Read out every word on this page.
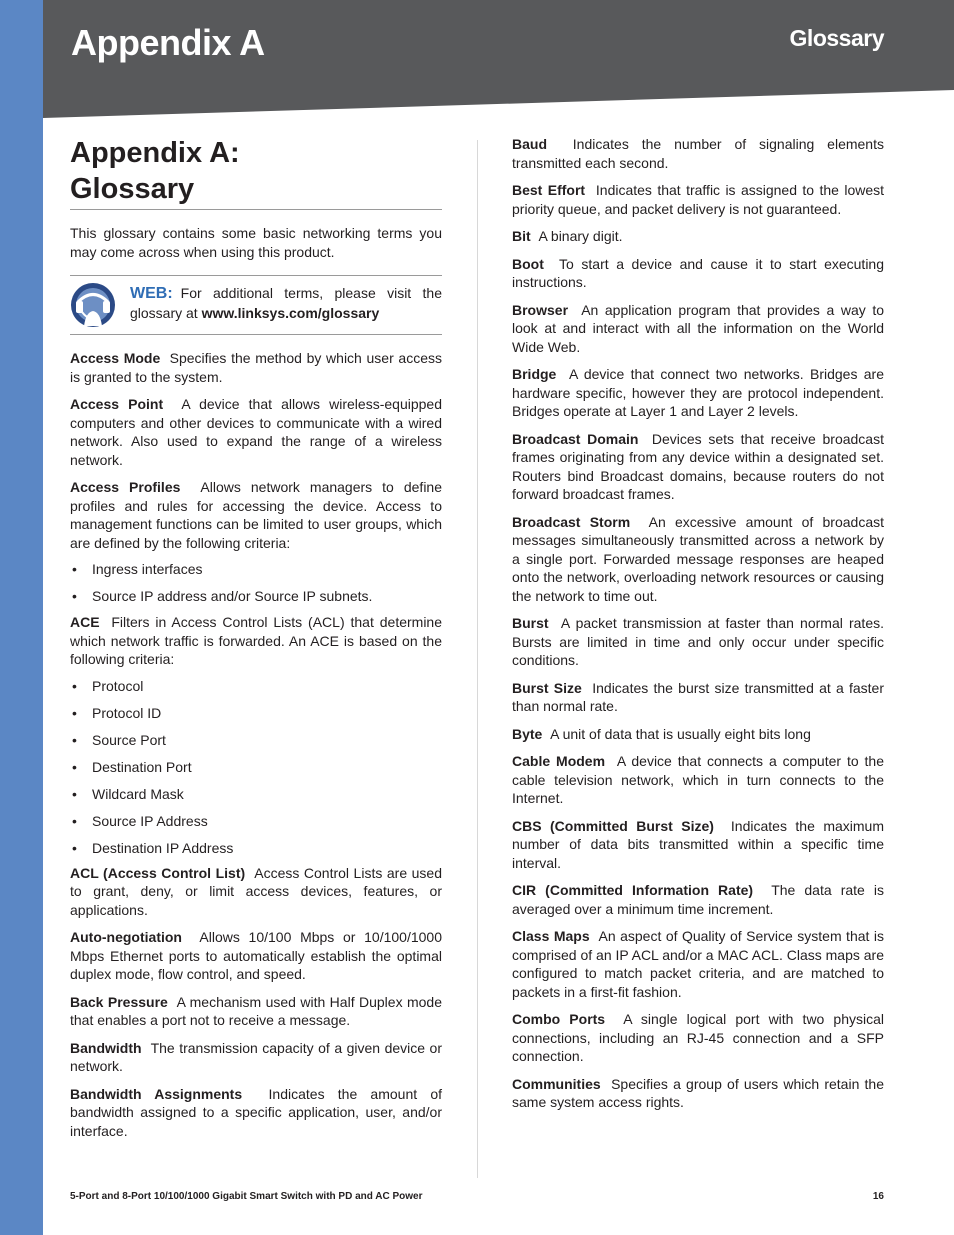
Appendix A	Glossary
Appendix A:
Glossary

This glossary contains some basic networking terms you may come across when using this product.

WEB: For additional terms, please visit the glossary at www.linksys.com/glossary

Access Mode Specifies the method by which user access is granted to the system.

Access Point A device that allows wireless-equipped computers and other devices to communicate with a wired network. Also used to expand the range of a wireless network.

Access Profiles Allows network managers to define profiles and rules for accessing the device. Access to management functions can be limited to user groups, which are defined by the following criteria:

• Ingress interfaces
• Source IP address and/or Source IP subnets.

ACE Filters in Access Control Lists (ACL) that determine which network traffic is forwarded. An ACE is based on the following criteria:

• Protocol
• Protocol ID
• Source Port
• Destination Port
• Wildcard Mask
• Source IP Address
• Destination IP Address

ACL (Access Control List) Access Control Lists are used to grant, deny, or limit access devices, features, or applications.

Auto-negotiation Allows 10/100 Mbps or 10/100/1000 Mbps Ethernet ports to automatically establish the optimal duplex mode, flow control, and speed.

Back Pressure A mechanism used with Half Duplex mode that enables a port not to receive a message.

Bandwidth The transmission capacity of a given device or network.

Bandwidth Assignments Indicates the amount of bandwidth assigned to a specific application, user, and/or interface.

Baud Indicates the number of signaling elements transmitted each second.

Best Effort Indicates that traffic is assigned to the lowest priority queue, and packet delivery is not guaranteed.

Bit A binary digit.

Boot To start a device and cause it to start executing instructions.

Browser An application program that provides a way to look at and interact with all the information on the World Wide Web.

Bridge A device that connect two networks. Bridges are hardware specific, however they are protocol independent. Bridges operate at Layer 1 and Layer 2 levels.

Broadcast Domain Devices sets that receive broadcast frames originating from any device within a designated set. Routers bind Broadcast domains, because routers do not forward broadcast frames.

Broadcast Storm An excessive amount of broadcast messages simultaneously transmitted across a network by a single port. Forwarded message responses are heaped onto the network, overloading network resources or causing the network to time out.

Burst A packet transmission at faster than normal rates. Bursts are limited in time and only occur under specific conditions.

Burst Size Indicates the burst size transmitted at a faster than normal rate.

Byte A unit of data that is usually eight bits long

Cable Modem A device that connects a computer to the cable television network, which in turn connects to the Internet.

CBS (Committed Burst Size) Indicates the maximum number of data bits transmitted within a specific time interval.

CIR (Committed Information Rate) The data rate is averaged over a minimum time increment.

Class Maps An aspect of Quality of Service system that is comprised of an IP ACL and/or a MAC ACL. Class maps are configured to match packet criteria, and are matched to packets in a first-fit fashion.

Combo Ports A single logical port with two physical connections, including an RJ-45 connection and a SFP connection.

Communities Specifies a group of users which retain the same system access rights.

5-Port and 8-Port 10/100/1000 Gigabit Smart Switch with PD and AC Power	16
